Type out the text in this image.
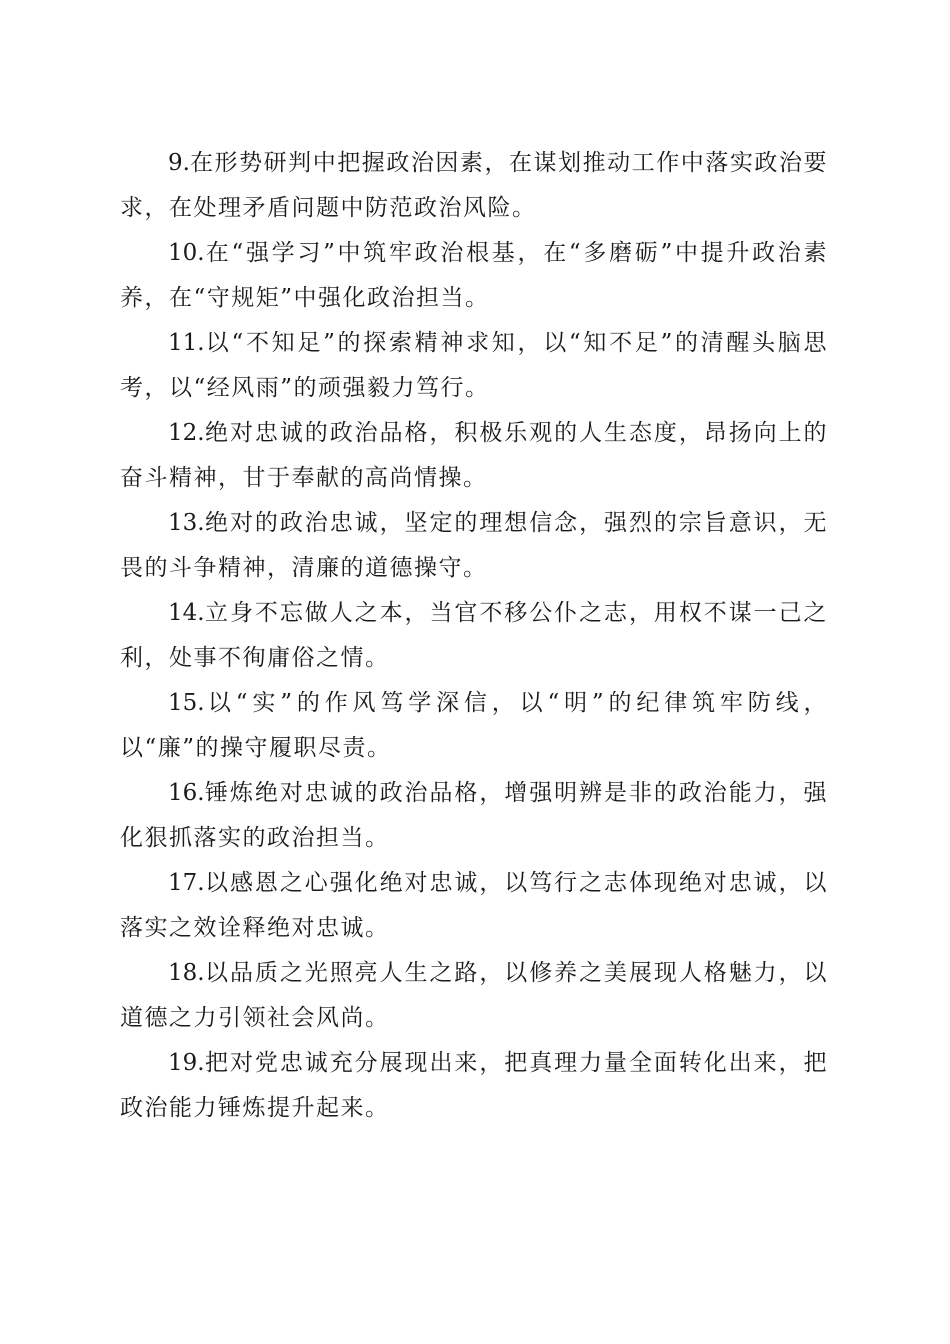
9.在形势研判中把握政治因素，在谋划推动工作中落实政治要求，在处理矛盾问题中防范政治风险。

10.在“强学习”中筑牢政治根基，在“多磨砺”中提升政治素养，在“守规矩”中强化政治担当。

11.以“不知足”的探索精神求知，以“知不足”的清醒头脑思考，以“经风雨”的顽强毅力笃行。

12.绝对忠诚的政治品格，积极乐观的人生态度，昂扬向上的奋斗精神，甘于奉献的高尚情操。

13.绝对的政治忠诚，坚定的理想信念，强烈的宗旨意识，无畏的斗争精神，清廉的道德操守。

14.立身不忘做人之本，当官不移公仆之志，用权不谋一己之利，处事不徇庸俗之情。

15.以“实”的作风笃学深信，以“明”的纪律筑牢防线，以“廉”的操守履职尽责。

16.锤炼绝对忠诚的政治品格，增强明辨是非的政治能力，强化狠抓落实的政治担当。

17.以感恩之心强化绝对忠诚，以笃行之志体现绝对忠诚，以落实之效诠释绝对忠诚。

18.以品质之光照亮人生之路，以修养之美展现人格魅力，以道德之力引领社会风尚。

19.把对党忠诚充分展现出来，把真理力量全面转化出来，把政治能力锤炼提升起来。
